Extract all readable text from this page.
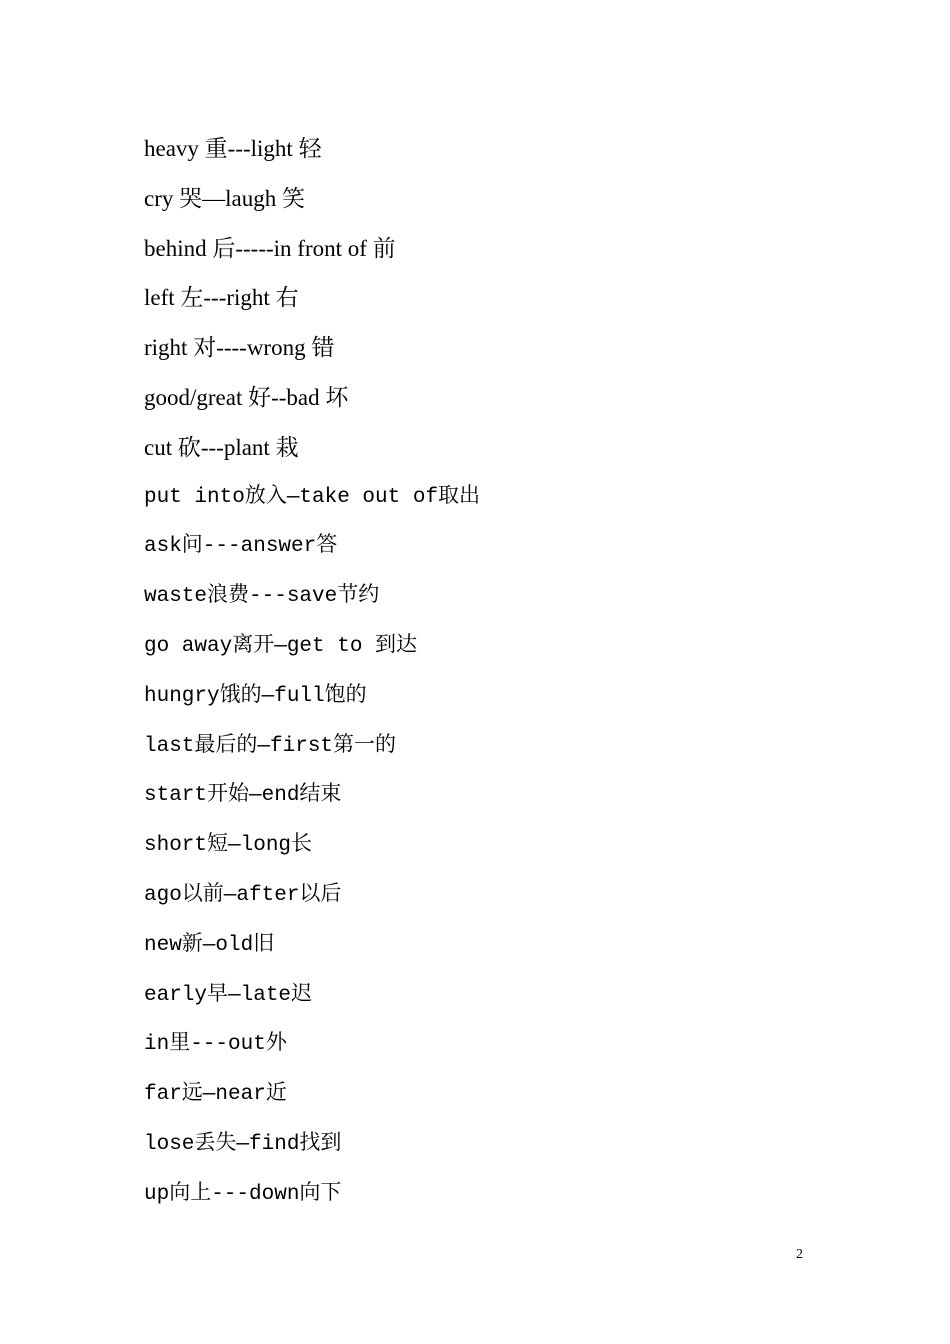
heavy 重---light 轻
cry 哭—laugh 笑
behind 后-----in front of 前
left 左---right 右
right 对----wrong 错
good/great 好--bad 坏
cut 砍---plant 栽
put into放入—take out of取出
ask问---answer答
waste浪费---save节约
go away离开—get to 到达
hungry饿的—full饱的
last最后的—first第一的
start开始—end结束
short短—long长
ago以前—after以后
new新—old旧
early早—late迟
in里---out外
far远—near近
lose丢失—find找到
up向上---down向下
2
